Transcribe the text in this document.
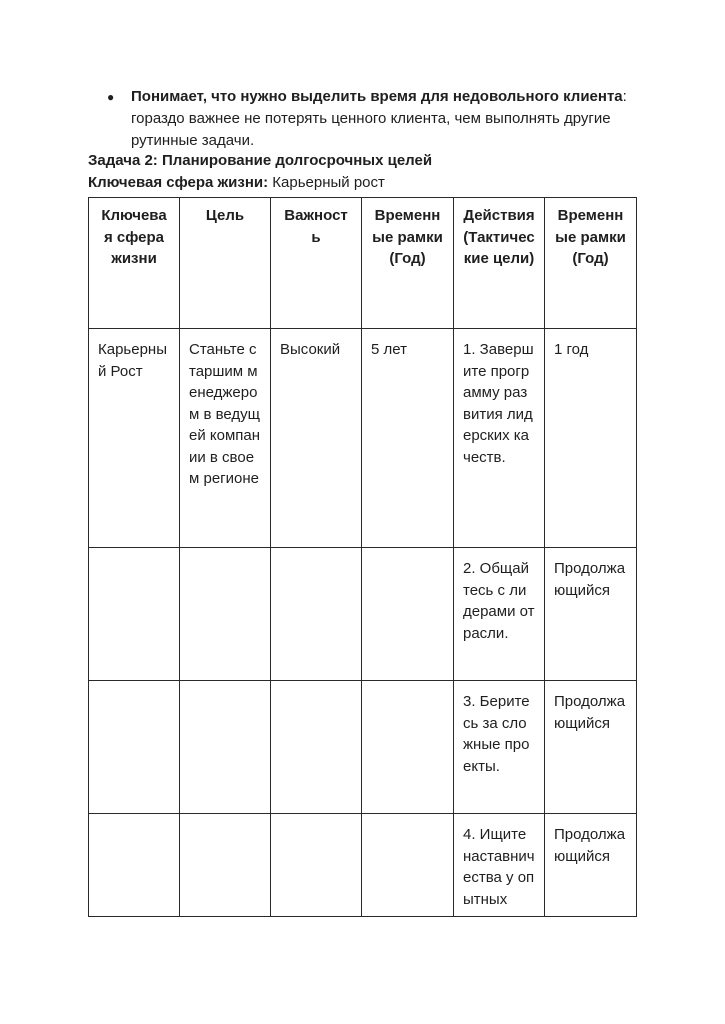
● Понимает, что нужно выделить время для недовольного клиента: гораздо важнее не потерять ценного клиента, чем выполнять другие рутинные задачи.
Задача 2: Планирование долгосрочных целей
Ключевая сфера жизни: Карьерный рост
Ключевая сфера жизни	Цель	Важность	Временные рамки (Год)	Действия (Тактические цели)	Временные рамки (Год)
Карьерный Рост	Станьте старшим менеджером в ведущей компании в своем регионе	Высокий	5 лет	1. Завершите программу развития лидерских качеств.	1 год
				2. Общайтесь с лидерами отрасли.	Продолжающийся
				3. Беритесь за сложные проекты.	Продолжающийся
				4. Ищите наставничества у опытных	Продолжающийся
